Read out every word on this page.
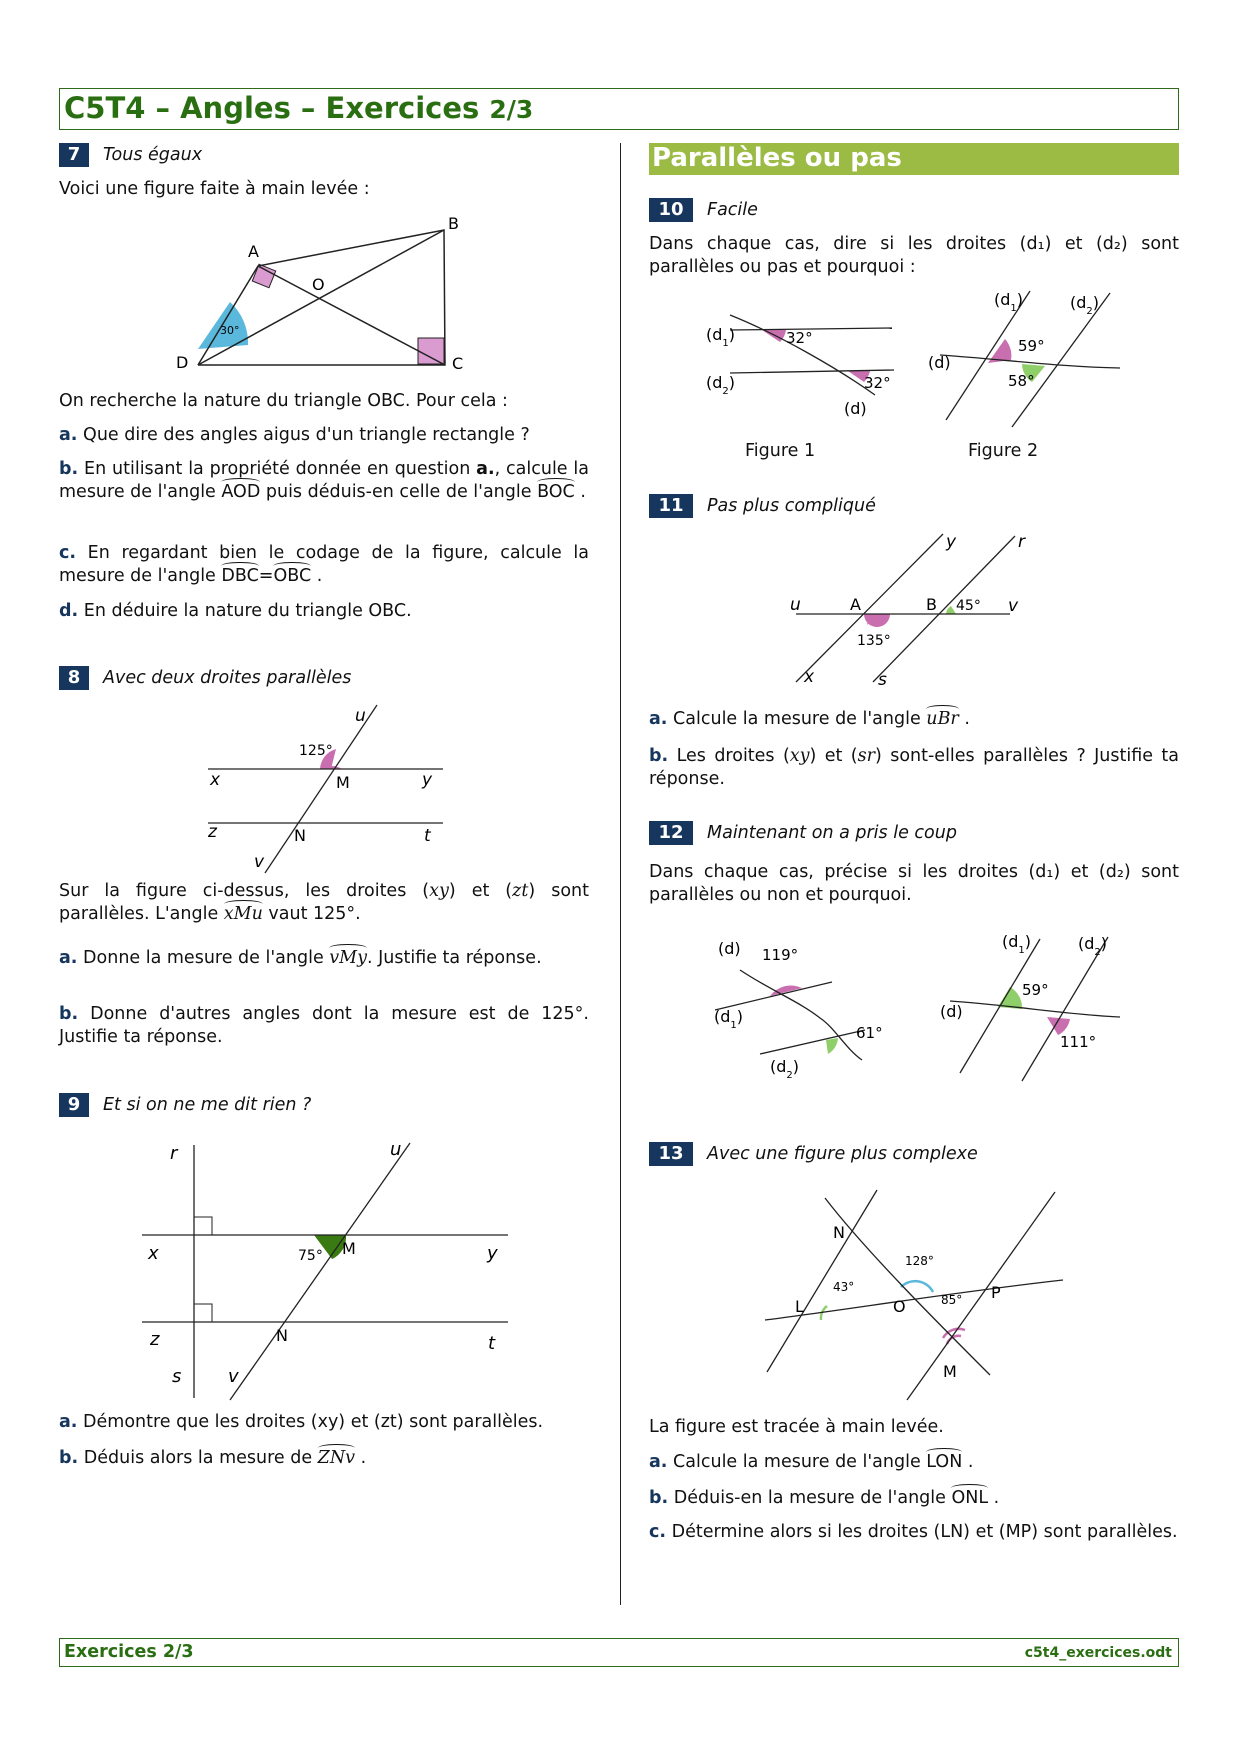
C5T4 – Angles – Exercices 2/3
7	Tous égaux
Voici une figure faite à main levée :
A
B
C
D
O
30°
On recherche la nature du triangle OBC. Pour cela :
a. Que dire des angles aigus d'un triangle rectangle ?
b. En utilisant la propriété donnée en question a., calcule la mesure de l'angle AOD puis déduis-en celle de l'angle BOC .
c. En regardant bien le codage de la figure, calcule la mesure de l'angle DBC=OBC .
d. En déduire la nature du triangle OBC.
8	Avec deux droites parallèles
u
x	y
z	t
v
M
N
125°
Sur la figure ci-dessus, les droites (xy) et (zt) sont parallèles. L'angle xMu vaut 125°.
a. Donne la mesure de l'angle vMy. Justifie ta réponse.
b. Donne d'autres angles dont la mesure est de 125°. Justifie ta réponse.
9	Et si on ne me dit rien ?
r	u
x	y
z	t
s	v
M
N
75°
a. Démontre que les droites (xy) et (zt) sont parallèles.
b. Déduis alors la mesure de ZNv .
Parallèles ou pas
10	Facile
Dans chaque cas, dire si les droites (d₁) et (d₂) sont parallèles ou pas et pourquoi :
$(d_1)$
$(d_2)$
(d)
32°
32°
Figure 1
$(d_1)$	$(d_2)$
(d)
59°
58°
Figure 2
11	Pas plus compliqué
u	v
y	r
x	s
A	B 45°
135°
a. Calcule la mesure de l'angle uBr .
b. Les droites (xy) et (sr) sont-elles parallèles ? Justifie ta réponse.
12	Maintenant on a pris le coup
Dans chaque cas, précise si les droites (d₁) et (d₂) sont parallèles ou non et pourquoi.
(d)
$(d_1)$
$(d_2)$
119°
61°
$(d_1)$	$(d_2)$
(d)
59°
111°
13	Avec une figure plus complexe
N
L	O
P
M
128°
43°
85°
La figure est tracée à main levée.
a. Calcule la mesure de l'angle LON .
b. Déduis-en la mesure de l'angle ONL .
c. Détermine alors si les droites (LN) et (MP) sont parallèles.
Exercices 2/3	c5t4_exercices.odt
